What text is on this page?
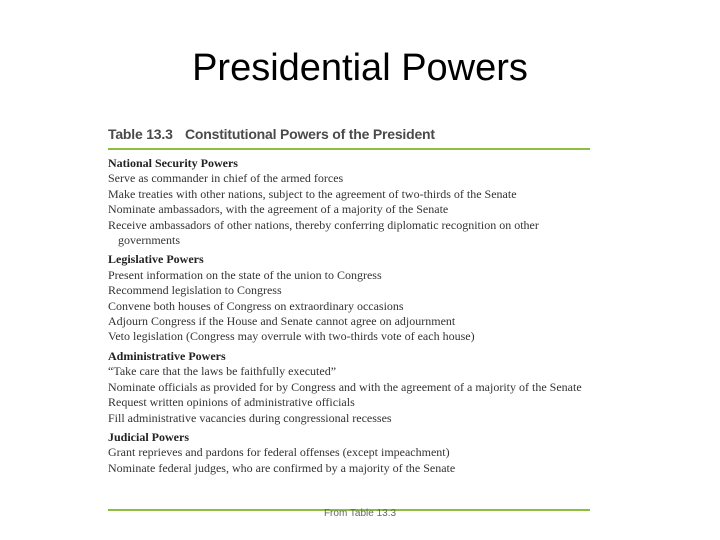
Presidential Powers
Table 13.3 Constitutional Powers of the President
National Security Powers
Serve as commander in chief of the armed forces
Make treaties with other nations, subject to the agreement of two-thirds of the Senate
Nominate ambassadors, with the agreement of a majority of the Senate
Receive ambassadors of other nations, thereby conferring diplomatic recognition on other governments
Legislative Powers
Present information on the state of the union to Congress
Recommend legislation to Congress
Convene both houses of Congress on extraordinary occasions
Adjourn Congress if the House and Senate cannot agree on adjournment
Veto legislation (Congress may overrule with two-thirds vote of each house)
Administrative Powers
“Take care that the laws be faithfully executed”
Nominate officials as provided for by Congress and with the agreement of a majority of the Senate
Request written opinions of administrative officials
Fill administrative vacancies during congressional recesses
Judicial Powers
Grant reprieves and pardons for federal offenses (except impeachment)
Nominate federal judges, who are confirmed by a majority of the Senate
From Table 13.3
